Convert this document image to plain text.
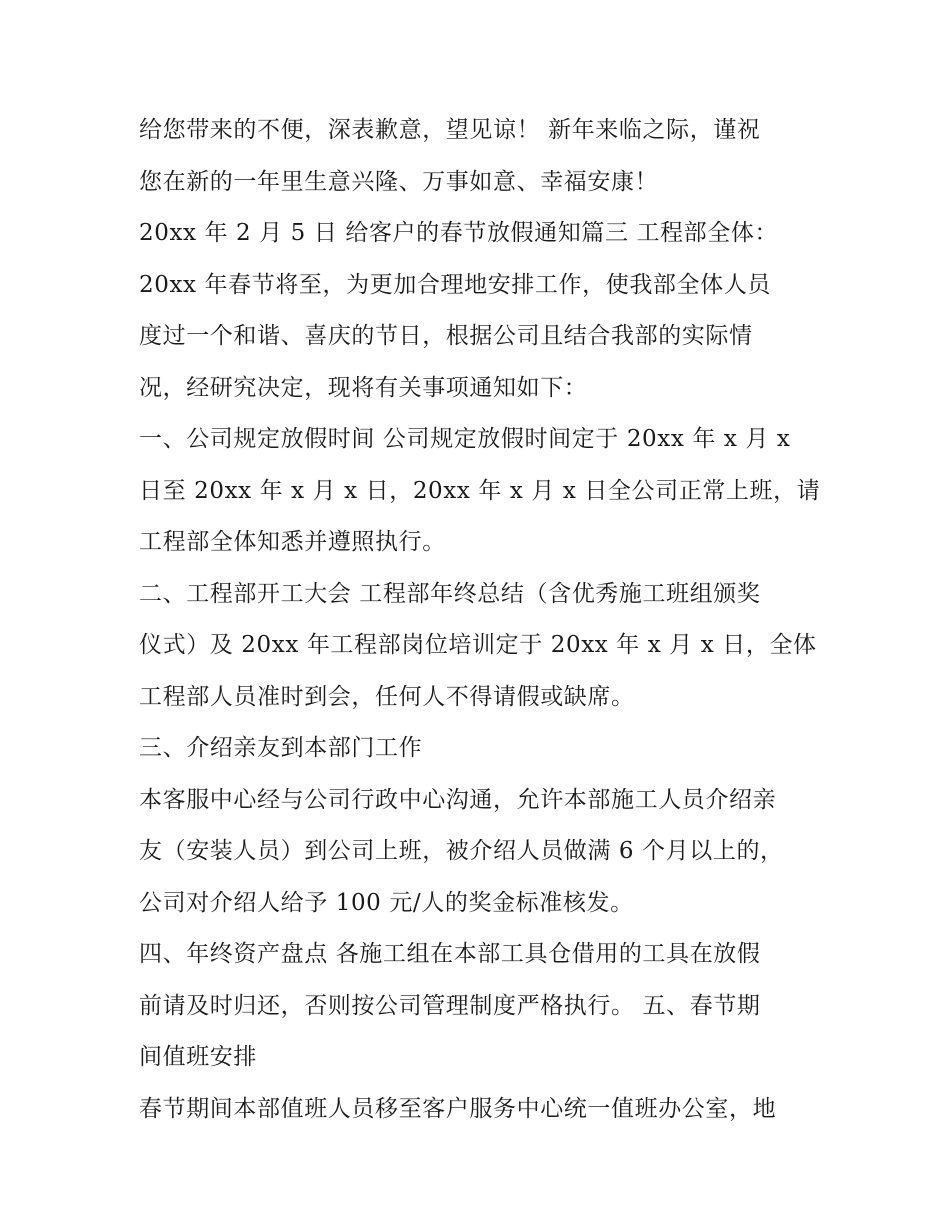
给您带来的不便，深表歉意，望见谅！ 新年来临之际，谨祝

您在新的一年里生意兴隆、万事如意、幸福安康！

20xx 年 2 月 5 日 给客户的春节放假通知篇三 工程部全体：

20xx 年春节将至，为更加合理地安排工作，使我部全体人员

度过一个和谐、喜庆的节日，根据公司且结合我部的实际情

况，经研究决定，现将有关事项通知如下：

一、公司规定放假时间 公司规定放假时间定于 20xx 年 x 月 x

日至 20xx 年 x 月 x 日，20xx 年 x 月 x 日全公司正常上班，请

工程部全体知悉并遵照执行。

二、工程部开工大会 工程部年终总结（含优秀施工班组颁奖

仪式）及 20xx 年工程部岗位培训定于 20xx 年 x 月 x 日，全体

工程部人员准时到会，任何人不得请假或缺席。

三、介绍亲友到本部门工作

本客服中心经与公司行政中心沟通，允许本部施工人员介绍亲

友（安装人员）到公司上班，被介绍人员做满 6 个月以上的，

公司对介绍人给予 100 元/人的奖金标准核发。

四、年终资产盘点 各施工组在本部工具仓借用的工具在放假

前请及时归还，否则按公司管理制度严格执行。 五、春节期

间值班安排

春节期间本部值班人员移至客户服务中心统一值班办公室，地
